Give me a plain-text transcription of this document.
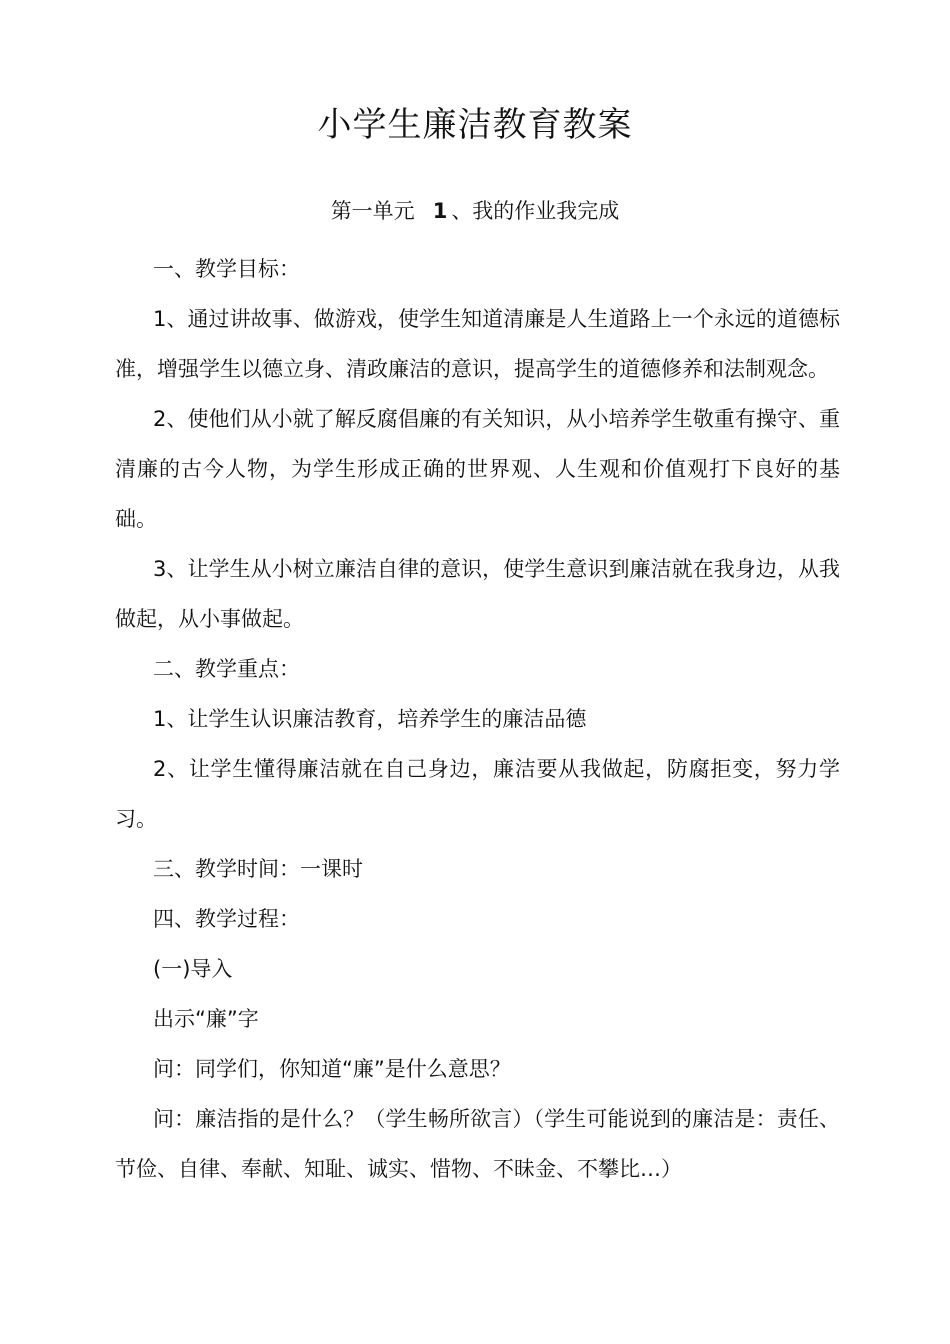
小学生廉洁教育教案
第一单元 1 、我的作业我完成

一、教学目标：

1、通过讲故事、做游戏，使学生知道清廉是人生道路上一个永远的道德标准，增强学生以德立身、清政廉洁的意识，提高学生的道德修养和法制观念。

2、使他们从小就了解反腐倡廉的有关知识，从小培养学生敬重有操守、重清廉的古今人物，为学生形成正确的世界观、人生观和价值观打下良好的基础。

3、让学生从小树立廉洁自律的意识，使学生意识到廉洁就在我身边，从我做起，从小事做起。

二、教学重点：

1、让学生认识廉洁教育，培养学生的廉洁品德

2、让学生懂得廉洁就在自己身边，廉洁要从我做起，防腐拒变，努力学习。

三、教学时间：一课时

四、教学过程：

(一)导入

出示“廉”字

问：同学们，你知道“廉”是什么意思？

问：廉洁指的是什么？（学生畅所欲言）（学生可能说到的廉洁是：责任、节俭、自律、奉献、知耻、诚实、惜物、不昧金、不攀比…）
